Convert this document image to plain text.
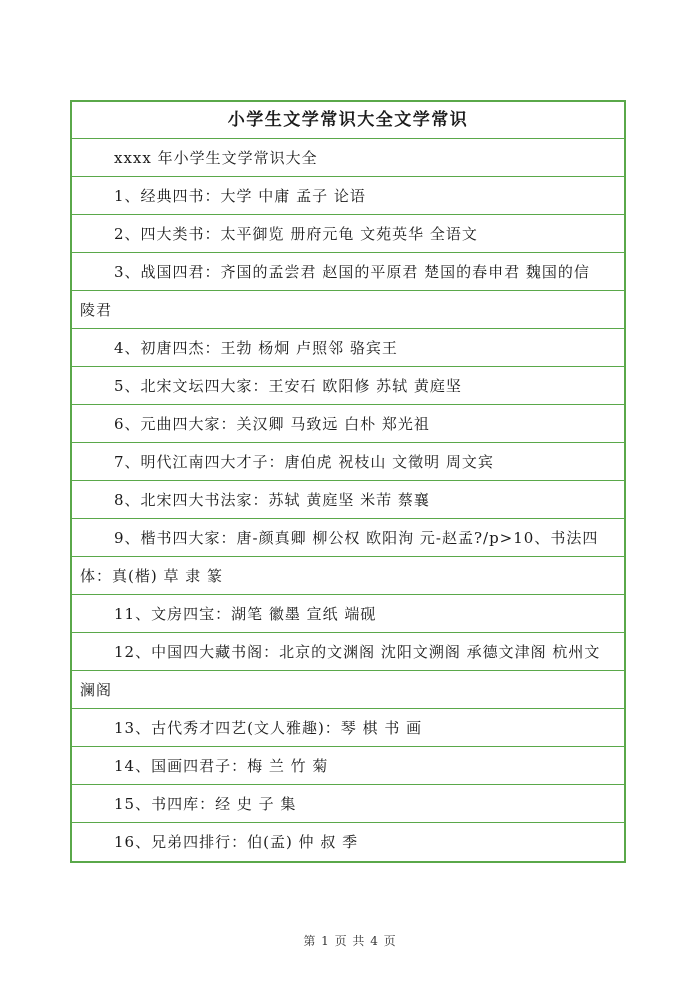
小学生文学常识大全文学常识
xxxx 年小学生文学常识大全
1、经典四书：大学 中庸 孟子 论语
2、四大类书：太平御览 册府元龟 文苑英华 全语文
3、战国四君：齐国的孟尝君 赵国的平原君 楚国的春申君 魏国的信
陵君
4、初唐四杰：王勃 杨炯 卢照邻 骆宾王
5、北宋文坛四大家：王安石 欧阳修 苏轼 黄庭坚
6、元曲四大家：关汉卿 马致远 白朴 郑光祖
7、明代江南四大才子：唐伯虎 祝枝山 文徵明 周文宾
8、北宋四大书法家：苏轼 黄庭坚 米芾 蔡襄
9、楷书四大家：唐-颜真卿 柳公权 欧阳洵 元-赵孟?/p>10、书法四
体：真(楷) 草 隶 篆
11、文房四宝：湖笔 徽墨 宣纸 端砚
12、中国四大藏书阁：北京的文渊阁 沈阳文溯阁 承德文津阁 杭州文
澜阁
13、古代秀才四艺(文人雅趣)：琴 棋 书 画
14、国画四君子：梅 兰 竹 菊
15、书四库：经 史 子 集
16、兄弟四排行：伯(孟) 仲 叔 季
第 1 页 共 4 页
